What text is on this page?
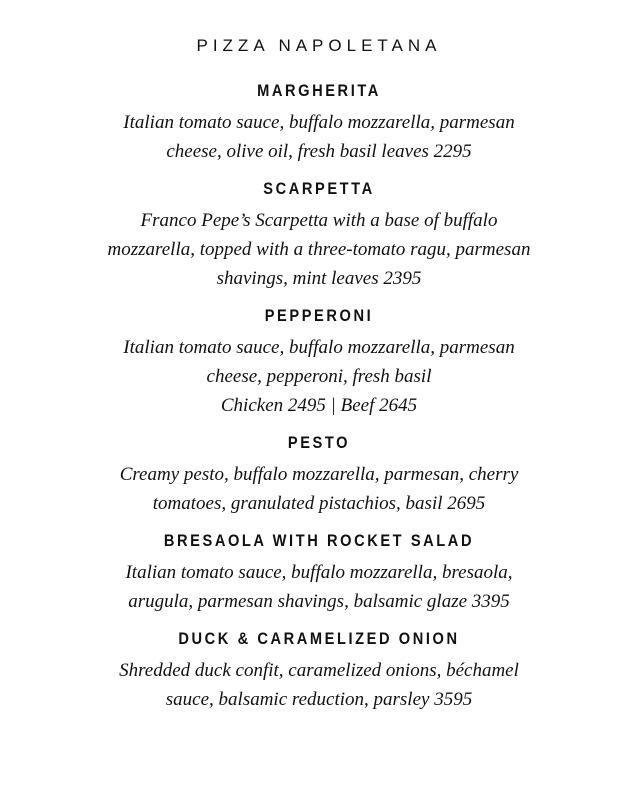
PIZZA NAPOLETANA
MARGHERITA
Italian tomato sauce, buffalo mozzarella, parmesan
cheese, olive oil, fresh basil leaves 2295
SCARPETTA
Franco Pepe’s Scarpetta with a base of buffalo
mozzarella, topped with a three-tomato ragu, parmesan
shavings, mint leaves 2395
PEPPERONI
Italian tomato sauce, buffalo mozzarella, parmesan
cheese, pepperoni, fresh basil
Chicken 2495 | Beef 2645
PESTO
Creamy pesto, buffalo mozzarella, parmesan, cherry
tomatoes, granulated pistachios, basil 2695
BRESAOLA WITH ROCKET SALAD
Italian tomato sauce, buffalo mozzarella, bresaola,
arugula, parmesan shavings, balsamic glaze 3395
DUCK & CARAMELIZED ONION
Shredded duck confit, caramelized onions, béchamel
sauce, balsamic reduction, parsley 3595
